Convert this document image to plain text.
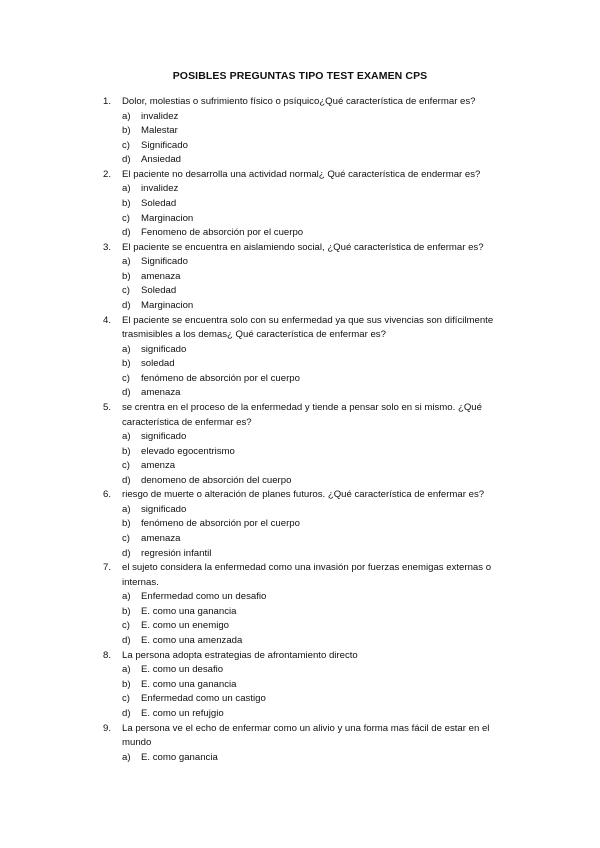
POSIBLES PREGUNTAS TIPO TEST EXAMEN CPS
1.	Dolor, molestias o sufrimiento físico o psíquico¿Qué característica de enfermar es?
a)	invalidez
b)	Malestar
c)	Significado
d)	Ansiedad
2.	El paciente no desarrolla una actividad normal¿ Qué característica de endermar es?
a)	invalidez
b)	Soledad
c)	Marginacion
d)	Fenomeno de absorción por el cuerpo
3.	El paciente se encuentra en aislamiendo social, ¿Qué característica de enfermar es?
a)	Significado
b)	amenaza
c)	Soledad
d)	Marginacion
4.	El paciente se encuentra solo con su enfermedad ya que sus vivencias son difícilmente trasmisibles a los demas¿ Qué característica de enfermar es?
a)	significado
b)	soledad
c)	fenómeno de absorción por el cuerpo
d)	amenaza
5.	se crentra en el proceso de la enfermedad y tiende a pensar solo en si mismo. ¿Qué característica de enfermar es?
a)	significado
b)	elevado egocentrismo
c)	amenza
d)	denomeno de absorción del cuerpo
6.	riesgo de muerte o alteración de planes futuros. ¿Qué característica de enfermar es?
a)	significado
b)	fenómeno de absorción por el cuerpo
c)	amenaza
d)	regresión infantil
7.	el sujeto considera la enfermedad como una invasión por fuerzas enemigas externas o internas.
a)	Enfermedad como un desafio
b)	E. como una ganancia
c)	E. como un enemigo
d)	E. como una amenzada
8.	La persona adopta estrategias de afrontamiento directo
a)	E. como un desafio
b)	E. como una ganancia
c)	Enfermedad como un castigo
d)	E. como un refujgio
9.	La persona ve el echo de enfermar como un alivio y una forma mas fácil de estar en el mundo
a)	E. como ganancia
